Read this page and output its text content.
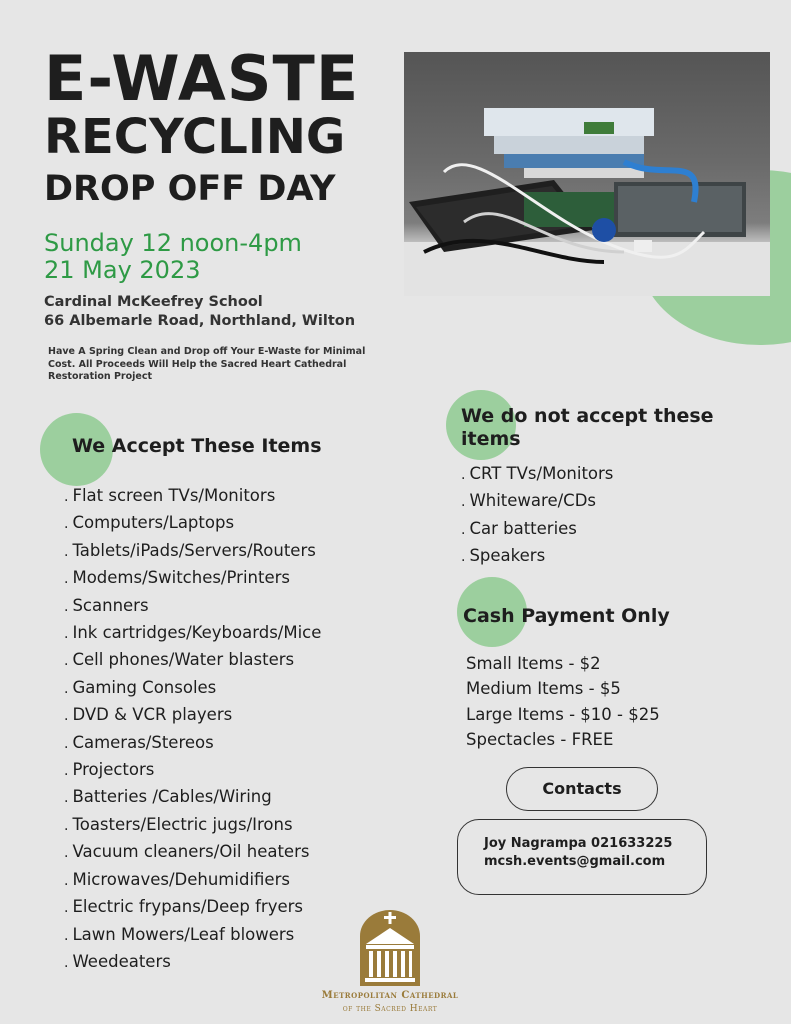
E-WASTE
RECYCLING
DROP OFF DAY
Sunday 12 noon-4pm
21 May 2023
Cardinal McKeefrey School
66 Albemarle Road, Northland, Wilton
Have A Spring Clean and Drop off Your E-Waste for Minimal Cost. All Proceeds Will Help the Sacred Heart Cathedral Restoration Project
We Accept These Items
. Flat screen TVs/Monitors
. Computers/Laptops
. Tablets/iPads/Servers/Routers
. Modems/Switches/Printers
. Scanners
. Ink cartridges/Keyboards/Mice
. Cell phones/Water blasters
. Gaming Consoles
. DVD & VCR players
. Cameras/Stereos
. Projectors
. Batteries /Cables/Wiring
. Toasters/Electric jugs/Irons
. Vacuum cleaners/Oil heaters
. Microwaves/Dehumidifiers
. Electric frypans/Deep fryers
. Lawn Mowers/Leaf blowers
. Weedeaters
We do not accept these
items
. CRT TVs/Monitors
. Whiteware/CDs
. Car batteries
. Speakers
Cash Payment Only
Small Items - $2
Medium Items - $5
Large Items - $10 - $25
Spectacles - FREE
Contacts
Joy Nagrampa 021633225
mcsh.events@gmail.com
Metropolitan Cathedral
of the Sacred Heart
